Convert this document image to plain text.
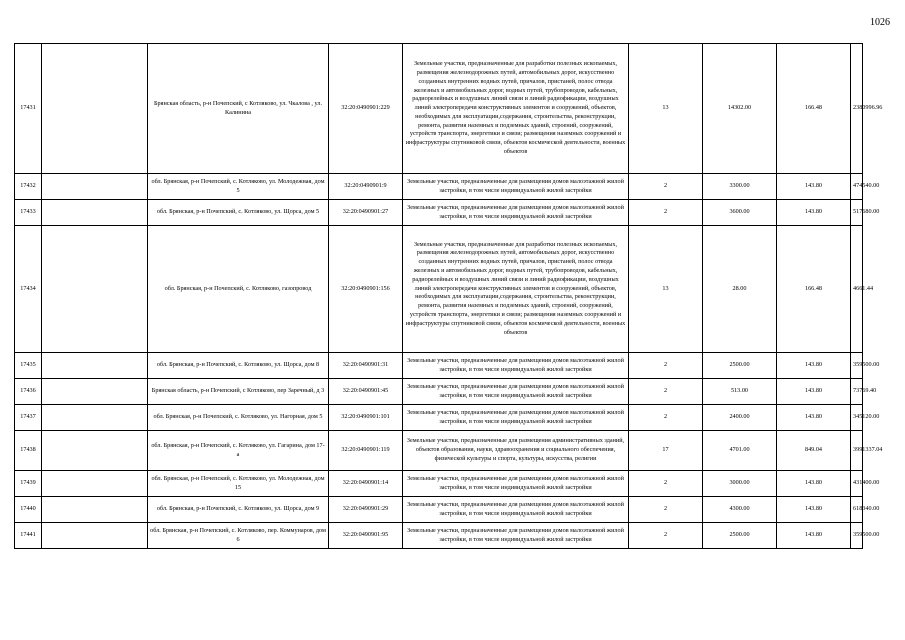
1026
17431		Брянская область, р-н Почепский, с Котляково, ул. Чкалова , ул. Калинина	32:20:0490901:229	Земельные участки, предназначенные для разработки полезных ископаемых, размещения железнодорожных путей, автомобильных дорог, искусственно созданных внутренних водных путей, причалов, пристаней, полос отвода железных и автомобильных дорог, водных путей, трубопроводов, кабельных, радиорелейных и воздушных линий связи и линий радиофикации, воздушных линий электропередачи конструктивных элементов и сооружений, объектов, необходимых для эксплуатации,содержания, строительства, реконструкции, ремонта, развития наземных и подземных зданий, строений, сооружений, устройств транспорта, энергетики и связи; размещения наземных сооружений и инфраструктуры спутниковой связи, объектов космической деятельности, военных объектов	13	14302.00	166.48	2380996.96
17432		обл. Брянская, р-н Почепский, с. Котляково, ул. Молодежная, дом 5	32:20:0490901:9	Земельные участки, предназначенные для размещения домов малоэтажной жилой застройки, в том числе индивидуальной жилой застройки	2	3300.00	143.80	474540.00
17433		обл. Брянская, р-н Почепский, с. Котляково, ул. Щорса, дом 5	32:20:0490901:27	Земельные участки, предназначенные для размещения домов малоэтажной жилой застройки, в том числе индивидуальной жилой застройки	2	3600.00	143.80	517680.00
17434		обл. Брянская, р-н Почепский, с. Котляково, газопровод	32:20:0490901:156	Земельные участки, предназначенные для разработки полезных ископаемых, размещения железнодорожных путей, автомобильных дорог, искусственно созданных внутренних водных путей, причалов, пристаней, полос отвода железных и автомобильных дорог, водных путей, трубопроводов, кабельных, радиорелейных и воздушных линий связи и линий радиофикации, воздушных линий электропередачи конструктивных элементов и сооружений, объектов, необходимых для эксплуатации,содержания, строительства, реконструкции, ремонта, развития наземных и подземных зданий, строений, сооружений, устройств транспорта, энергетики и связи; размещения наземных сооружений и инфраструктуры спутниковой связи, объектов космической деятельности, военных объектов	13	28.00	166.48	4661.44
17435		обл. Брянская, р-н Почепский, с. Котляково, ул. Щорса, дом 8	32:20:0490901:31	Земельные участки, предназначенные для размещения домов малоэтажной жилой застройки, в том числе индивидуальной жилой застройки	2	2500.00	143.80	359500.00
17436		Брянская область, р-н Почепский, с Котляково, пер Заречный, д 3	32:20:0490901:45	Земельные участки, предназначенные для размещения домов малоэтажной жилой застройки, в том числе индивидуальной жилой застройки	2	513.00	143.80	73769.40
17437		обл. Брянская, р-н Почепский, с. Котляково, ул. Нагорная, дом 5	32:20:0490901:101	Земельные участки, предназначенные для размещения домов малоэтажной жилой застройки, в том числе индивидуальной жилой застройки	2	2400.00	143.80	345120.00
17438		обл. Брянская, р-н Почепский, с. Котляково, ул. Гагарина, дом 17-а	32:20:0490901:119	Земельные участки, предназначенные для размещения административных зданий, объектов образования, науки, здравоохранения и социального обеспечения, физической культуры и спорта, культуры, искусства, религии	17	4701.00	849.04	3991337.04
17439		обл. Брянская, р-н Почепский, с. Котляково, ул. Молодежная, дом 15	32:20:0490901:14	Земельные участки, предназначенные для размещения домов малоэтажной жилой застройки, в том числе индивидуальной жилой застройки	2	3000.00	143.80	431400.00
17440		обл. Брянская, р-н Почепский, с. Котляково, ул. Щорса, дом 9	32:20:0490901:29	Земельные участки, предназначенные для размещения домов малоэтажной жилой застройки, в том числе индивидуальной жилой застройки	2	4300.00	143.80	618340.00
17441		обл. Брянская, р-н Почепский, с. Котляково, пер. Коммунаров, дом 6	32:20:0490901:95	Земельные участки, предназначенные для размещения домов малоэтажной жилой застройки, в том числе индивидуальной жилой застройки	2	2500.00	143.80	359500.00
